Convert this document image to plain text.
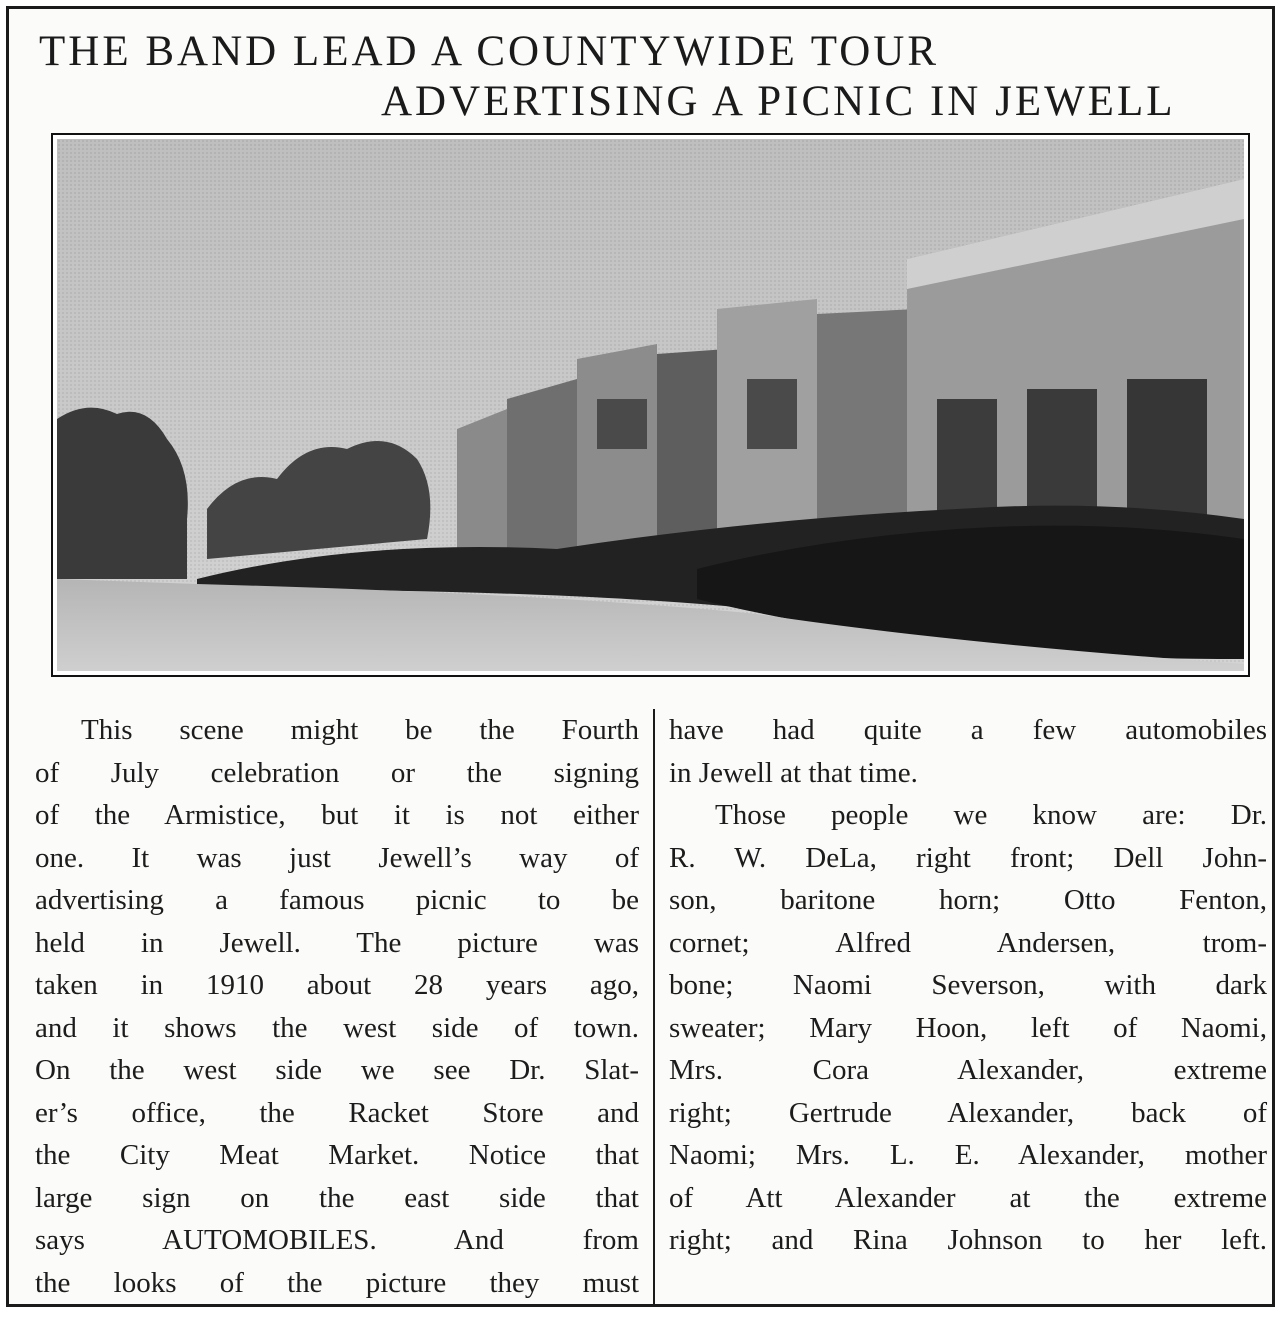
THE BAND LEAD A COUNTYWIDE TOUR
ADVERTISING A PICNIC IN JEWELL

This scene might be the Fourth
of July celebration or the signing
of the Armistice, but it is not either
one. It was just Jewell’s way of
advertising a famous picnic to be
held in Jewell. The picture was
taken in 1910 about 28 years ago,
and it shows the west side of town.
On the west side we see Dr. Slat-
er’s office, the Racket Store and
the City Meat Market. Notice that
large sign on the east side that
says AUTOMOBILES. And from
the looks of the picture they must

have had quite a few automobiles
in Jewell at that time.

Those people we know are: Dr.
R. W. DeLa, right front; Dell John-
son, baritone horn; Otto Fenton,
cornet; Alfred Andersen, trom-
bone; Naomi Severson, with dark
sweater; Mary Hoon, left of Naomi,
Mrs. Cora Alexander, extreme
right; Gertrude Alexander, back of
Naomi; Mrs. L. E. Alexander, mother
of Att Alexander at the extreme
right; and Rina Johnson to her left.
